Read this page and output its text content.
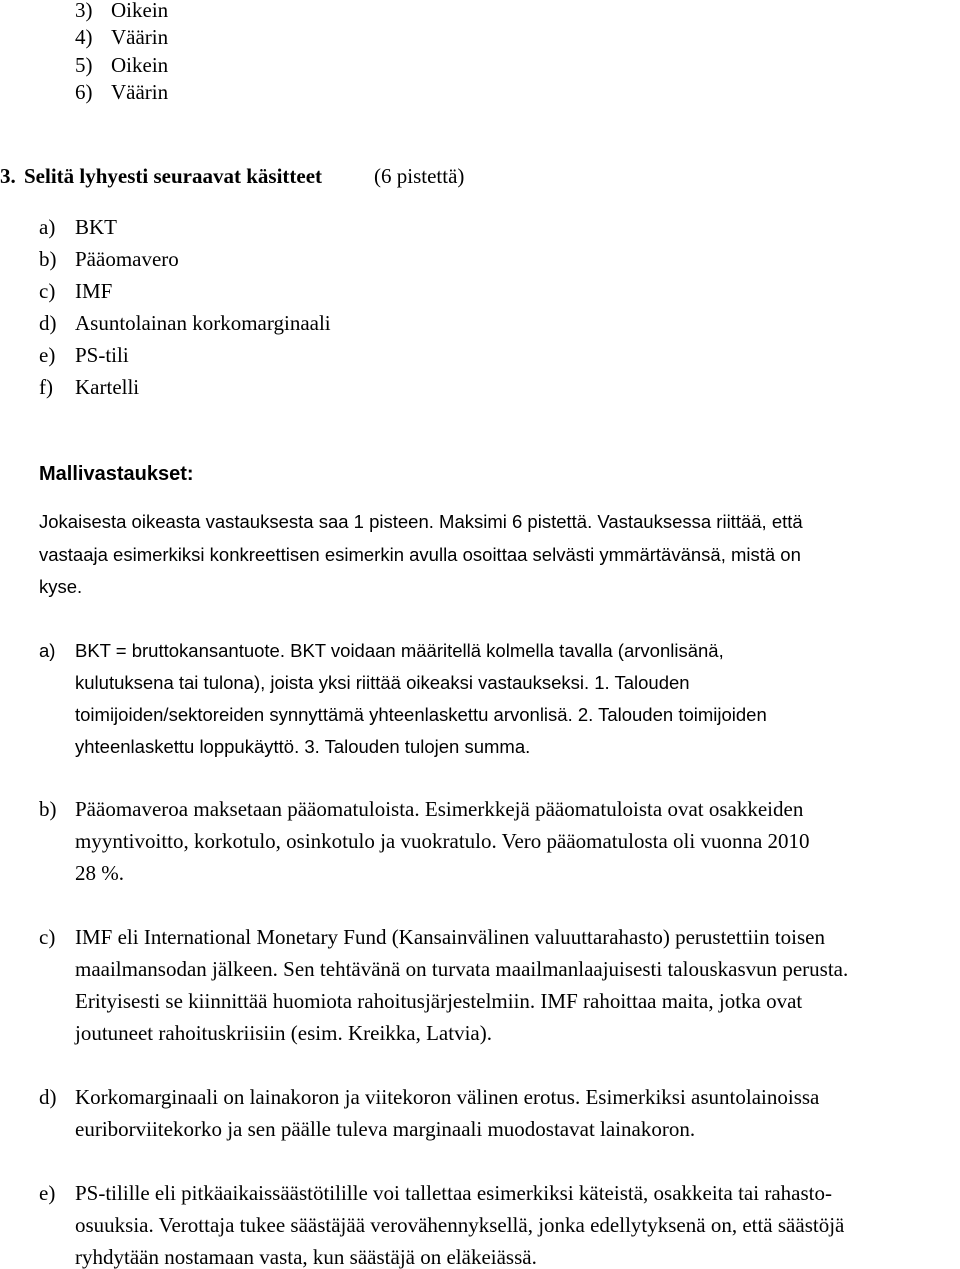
3) Oikein
4) Väärin
5) Oikein
6) Väärin
3. Selitä lyhyesti seuraavat käsitteet (6 pistettä)
a) BKT
b) Pääomavero
c) IMF
d) Asuntolainan korkomarginaali
e) PS-tili
f) Kartelli
Mallivastaukset:
Jokaisesta oikeasta vastauksesta saa 1 pisteen. Maksimi 6 pistettä. Vastauksessa riittää, että
vastaaja esimerkiksi konkreettisen esimerkin avulla osoittaa selvästi ymmärtävänsä, mistä on
kyse.
a) BKT = bruttokansantuote. BKT voidaan määritellä kolmella tavalla (arvonlisänä,
kulutuksena tai tulona), joista yksi riittää oikeaksi vastaukseksi. 1. Talouden
toimijoiden/sektoreiden synnyttämä yhteenlaskettu arvonlisä. 2. Talouden toimijoiden
yhteenlaskettu loppukäyttö. 3. Talouden tulojen summa.
b) Pääomaveroa maksetaan pääomatuloista. Esimerkkejä pääomatuloista ovat osakkeiden
myyntivoitto, korkotulo, osinkotulo ja vuokratulo. Vero pääomatulosta oli vuonna 2010
28 %.
c) IMF eli International Monetary Fund (Kansainvälinen valuuttarahasto) perustettiin toisen
maailmansodan jälkeen. Sen tehtävänä on turvata maailmanlaajuisesti talouskasvun perusta.
Erityisesti se kiinnittää huomiota rahoitusjärjestelmiin. IMF rahoittaa maita, jotka ovat
joutuneet rahoituskriisiin (esim. Kreikka, Latvia).
d) Korkomarginaali on lainakoron ja viitekoron välinen erotus. Esimerkiksi asuntolainoissa
euriborviitekorko ja sen päälle tuleva marginaali muodostavat lainakoron.
e) PS-tilille eli pitkäaikaissäästötilille voi tallettaa esimerkiksi käteistä, osakkeita tai rahasto-
osuuksia. Verottaja tukee säästäjää verovähennyksellä, jonka edellytyksenä on, että säästöjä
ryhdytään nostamaan vasta, kun säästäjä on eläkeiässä.
